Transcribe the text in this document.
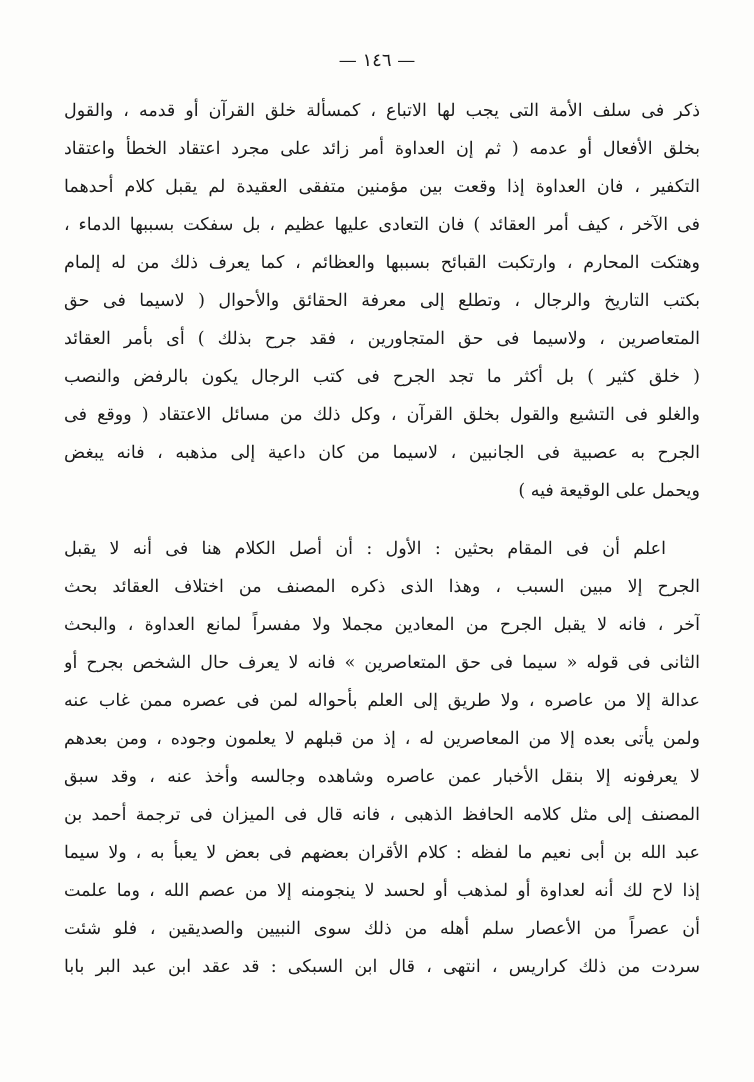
— ١٤٦ —
ذكر فى سلف الأمة التى يجب لها الاتباع ، كمسألة خلق القرآن أو قدمه ، والقول
بخلق الأفعال أو عدمه ( ثم إن العداوة أمر زائد على مجرد اعتقاد الخطأ واعتقاد
التكفير ، فان العداوة إذا وقعت بين مؤمنين متفقى العقيدة لم يقبل كلام أحدهما
فى الآخر ، كيف أمر العقائد ) فان التعادى عليها عظيم ، بل سفكت بسببها الدماء ،
وهتكت المحارم ، وارتكبت القبائح بسببها والعظائم ، كما يعرف ذلك من له إلمام
بكتب التاريخ والرجال ، وتطلع إلى معرفة الحقائق والأحوال ( لاسيما فى حق
المتعاصرين ، ولاسيما فى حق المتجاورين ، فقد جرح بذلك ) أى بأمر العقائد
( خلق كثير ) بل أكثر ما تجد الجرح فى كتب الرجال يكون بالرفض والنصب
والغلو فى التشيع والقول بخلق القرآن ، وكل ذلك من مسائل الاعتقاد ( ووقع فى
الجرح به عصبية فى الجانبين ، لاسيما من كان داعية إلى مذهبه ، فانه يبغض
ويحمل على الوقيعة فيه )
اعلم أن فى المقام بحثين : الأول : أن أصل الكلام هنا فى أنه لا يقبل
الجرح إلا مبين السبب ، وهذا الذى ذكره المصنف من اختلاف العقائد بحث
آخر ، فانه لا يقبل الجرح من المعادين مجملا ولا مفسراً لمانع العداوة ، والبحث
الثانى فى قوله « سيما فى حق المتعاصرين » فانه لا يعرف حال الشخص بجرح أو
عدالة إلا من عاصره ، ولا طريق إلى العلم بأحواله لمن فى عصره ممن غاب عنه
ولمن يأتى بعده إلا من المعاصرين له ، إذ من قبلهم لا يعلمون وجوده ، ومن بعدهم
لا يعرفونه إلا بنقل الأخبار عمن عاصره وشاهده وجالسه وأخذ عنه ، وقد سبق
المصنف إلى مثل كلامه الحافظ الذهبى ، فانه قال فى الميزان فى ترجمة أحمد بن
عبد الله بن أبى نعيم ما لفظه : كلام الأقران بعضهم فى بعض لا يعبأ به ، ولا سيما
إذا لاح لك أنه لعداوة أو لمذهب أو لحسد لا ينجومنه إلا من عصم الله ، وما علمت
أن عصراً من الأعصار سلم أهله من ذلك سوى النبيين والصديقين ، فلو شئت
سردت من ذلك كراريس ، انتهى ، قال ابن السبكى : قد عقد ابن عبد البر بابا
